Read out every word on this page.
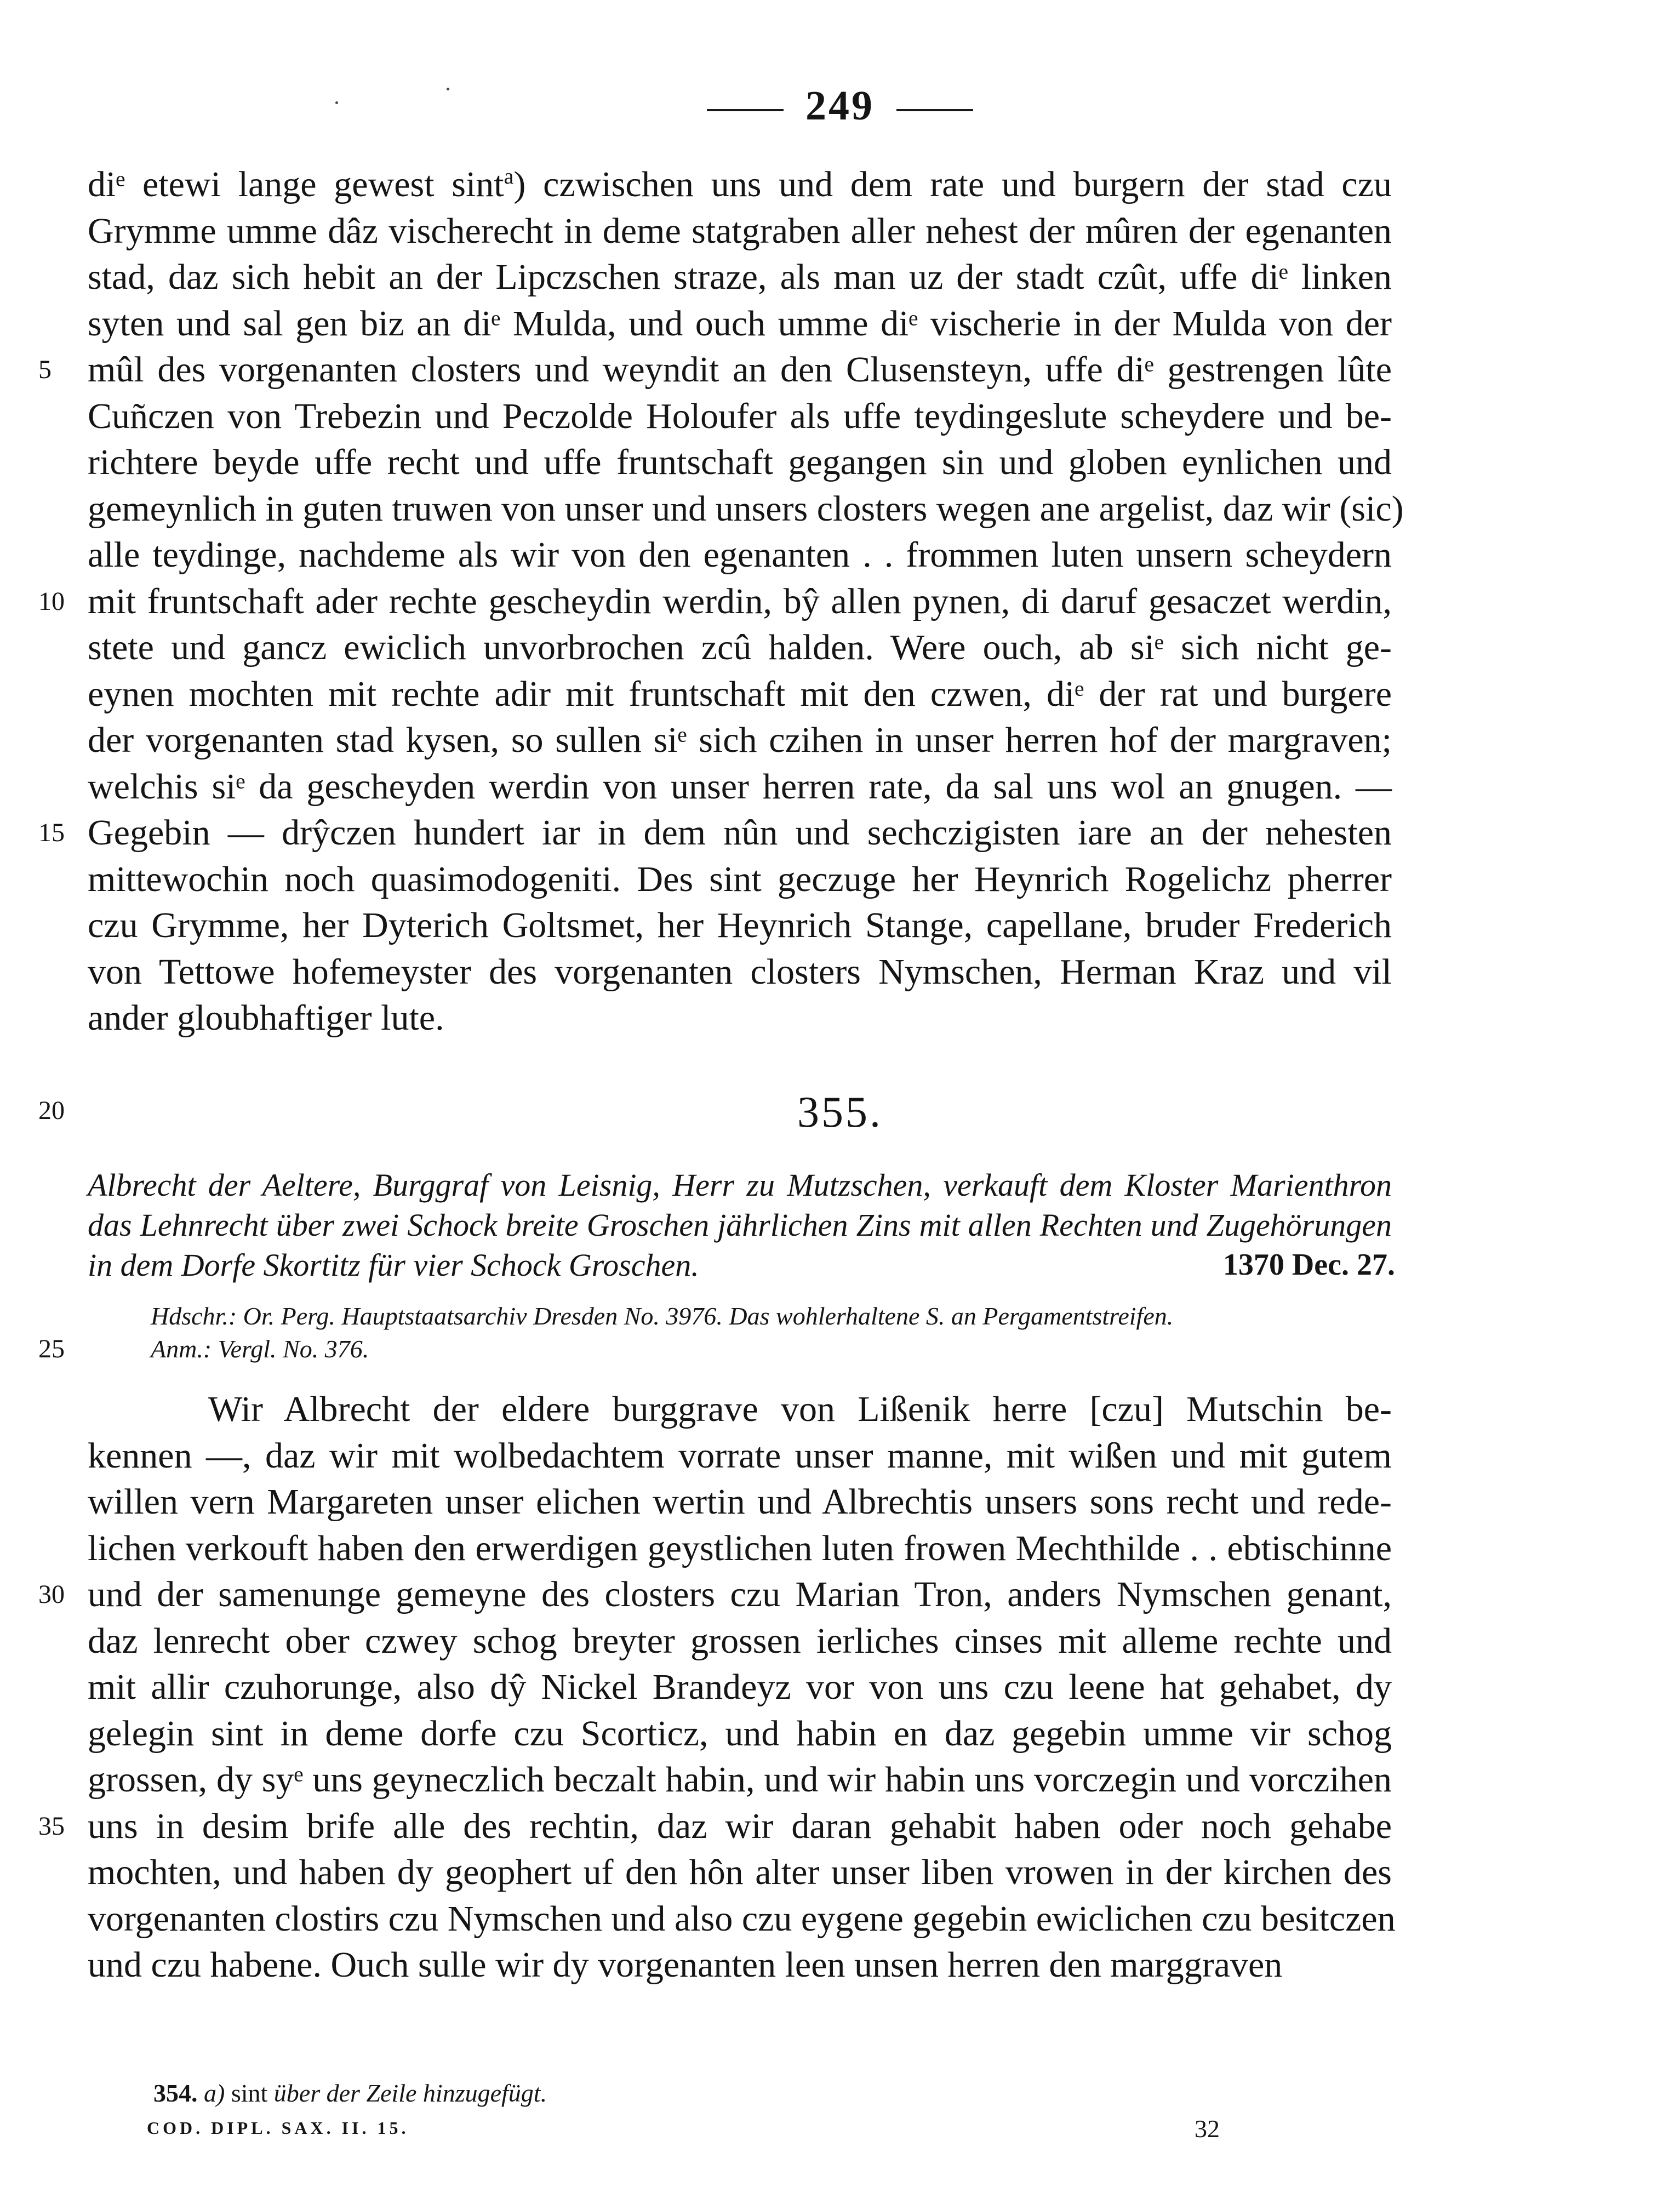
249
diᵉ etewi lange gewest sint$^a$) czwischen uns und dem rate und burgern der stad czu
Grymme umme dâz vischerecht in deme statgraben aller nehest der mûren der egenanten
stad, daz sich hebit an der Lipczschen straze, als man uz der stadt czût, uffe diᵉ linken
syten und sal gen biz an diᵉ Mulda, und ouch umme diᵉ vischerie in der Mulda von der
mûl des vorgenanten closters und weyndit an den Clusensteyn, uffe diᵉ gestrengen lûte
5
Cuñczen von Trebezin und Peczolde Holoufer als uffe teydingeslute scheydere und be-
richtere beyde uffe recht und uffe fruntschaft gegangen sin und globen eynlichen und
gemeynlich in guten truwen von unser und unsers closters wegen ane argelist, daz wir (sic)
alle teydinge, nachdeme als wir von den egenanten . . frommen luten unsern scheydern
mit fruntschaft ader rechte gescheydin werdin, bŷ allen pynen, di daruf gesaczet werdin,
10
stete und gancz ewiclich unvorbrochen zcû halden. Were ouch, ab siᵉ sich nicht ge-
eynen mochten mit rechte adir mit fruntschaft mit den czwen, diᵉ der rat und burgere
der vorgenanten stad kysen, so sullen siᵉ sich czihen in unser herren hof der margraven;
welchis siᵉ da gescheyden werdin von unser herren rate, da sal uns wol an gnugen. —
Gegebin — drŷczen hundert iar in dem nûn und sechczigisten iare an der nehesten
15
mittewochin noch quasimodogeniti. Des sint geczuge her Heynrich Rogelichz pherrer
czu Grymme, her Dyterich Goltsmet, her Heynrich Stange, capellane, bruder Frederich
von Tettowe hofemeyster des vorgenanten closters Nymschen, Herman Kraz und vil
ander gloubhaftiger lute.
20	355.
Albrecht der Aeltere, Burggraf von Leisnig, Herr zu Mutzschen, verkauft dem Kloster Marienthron
das Lehnrecht über zwei Schock breite Groschen jährlichen Zins mit allen Rechten und Zugehörungen
in dem Dorfe Skortitz für vier Schock Groschen.	1370 Dec. 27.
Hdschr.: Or. Perg. Hauptstaatsarchiv Dresden No. 3976. Das wohlerhaltene S. an Pergamentstreifen.
Anm.: Vergl. No. 376.
25
Wir Albrecht der eldere burggrave von Lißenik herre [czu] Mutschin be-
kennen —, daz wir mit wolbedachtem vorrate unser manne, mit wißen und mit gutem
willen vern Margareten unser elichen wertin und Albrechtis unsers sons recht und rede-
lichen verkouft haben den erwerdigen geystlichen luten frowen Mechthilde . . ebtischinne
und der samenunge gemeyne des closters czu Marian Tron, anders Nymschen genant,
30
daz lenrecht ober czwey schog breyter grossen ierliches cinses mit alleme rechte und
mit allir czuhorunge, also dŷ Nickel Brandeyz vor von uns czu leene hat gehabet, dy
gelegin sint in deme dorfe czu Scorticz, und habin en daz gegebin umme vir schog
grossen, dy syᵉ uns geyneczlich beczalt habin, und wir habin uns vorczegin und vorczihen
uns in desim brife alle des rechtin, daz wir daran gehabit haben oder noch gehabe
35
mochten, und haben dy geophert uf den hôn alter unser liben vrowen in der kirchen des
vorgenanten clostirs czu Nymschen und also czu eygene gegebin ewiclichen czu besitczen
und czu habene. Ouch sulle wir dy vorgenanten leen unsen herren den marggraven
354. a) sint über der Zeile hinzugefügt.
COD. DIPL. SAX. II. 15.	32
